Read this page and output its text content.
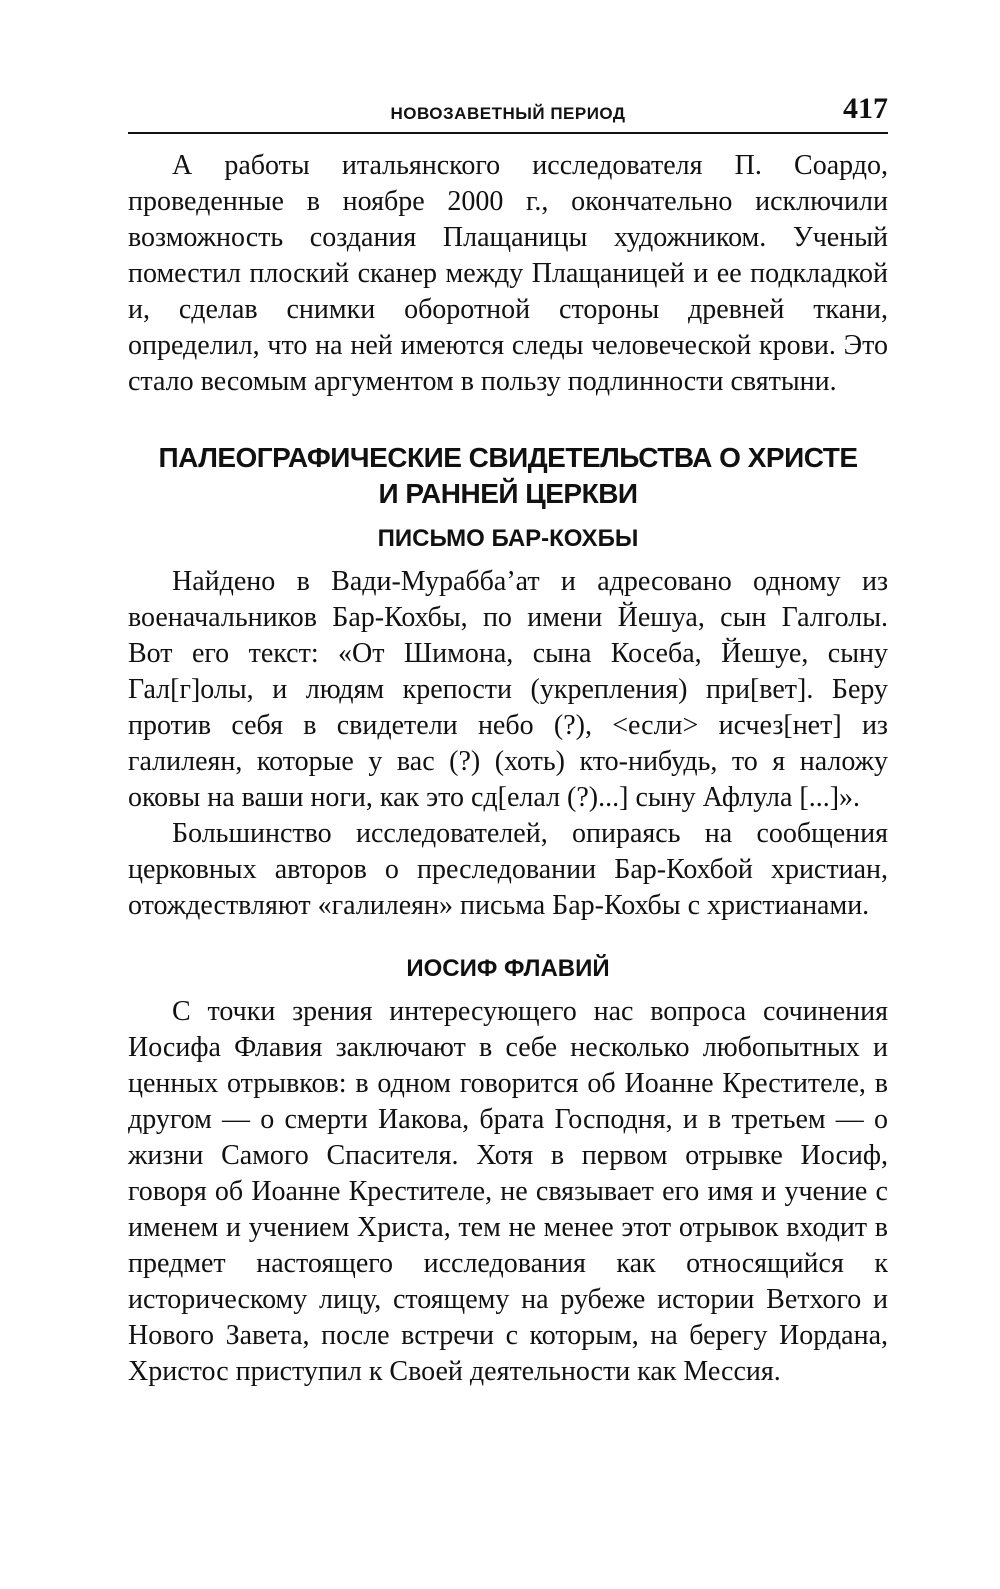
НОВОЗАВЕТНЫЙ ПЕРИОД	417

А работы итальянского исследователя П. Соардо, проведенные в ноябре 2000 г., окончательно исключили возможность создания Плащаницы художником. Ученый поместил плоский сканер между Плащаницей и ее подкладкой и, сделав снимки оборотной стороны древней ткани, определил, что на ней имеются следы человеческой крови. Это стало весомым аргументом в пользу подлинности святыни.

ПАЛЕОГРАФИЧЕСКИЕ СВИДЕТЕЛЬСТВА О ХРИСТЕ
И РАННЕЙ ЦЕРКВИ
ПИСЬМО БАР-КОХБЫ

Найдено в Вади-Мурабба’ат и адресовано одному из военачальников Бар-Кохбы, по имени Йешуа, сын Галголы. Вот его текст: «От Шимона, сына Косеба, Йешуе, сыну Гал[г]олы, и людям крепости (укрепления) при[вет]. Беру против себя в свидетели небо (?), <если> исчез[нет] из галилеян, которые у вас (?) (хоть) кто-нибудь, то я наложу оковы на ваши ноги, как это сд[елал (?)...] сыну Афлула [...]».

Большинство исследователей, опираясь на сообщения церковных авторов о преследовании Бар-Кохбой христиан, отождествляют «галилеян» письма Бар-Кохбы с христианами.

ИОСИФ ФЛАВИЙ

С точки зрения интересующего нас вопроса сочинения Иосифа Флавия заключают в себе несколько любопытных и ценных отрывков: в одном говорится об Иоанне Крестителе, в другом — о смерти Иакова, брата Господня, и в третьем — о жизни Самого Спасителя. Хотя в первом отрывке Иосиф, говоря об Иоанне Крестителе, не связывает его имя и учение с именем и учением Христа, тем не менее этот отрывок входит в предмет настоящего исследования как относящийся к историческому лицу, стоящему на рубеже истории Ветхого и Нового Завета, после встречи с которым, на берегу Иордана, Христос приступил к Своей деятельности как Мессия.
